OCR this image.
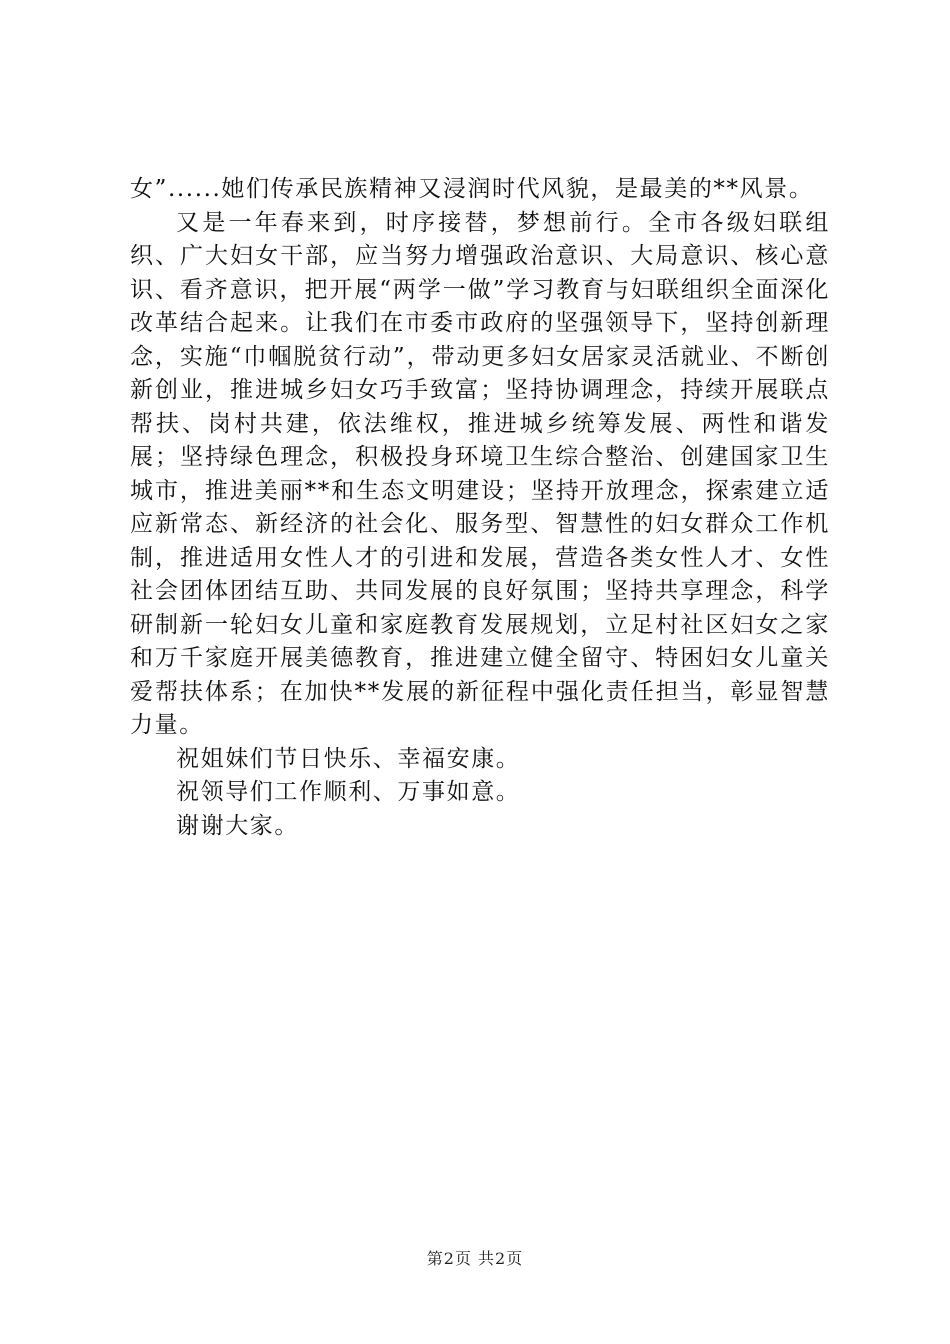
女”......她们传承民族精神又浸润时代风貌，是最美的**风景。

又是一年春来到，时序接替，梦想前行。全市各级妇联组织、广大妇女干部，应当努力增强政治意识、大局意识、核心意识、看齐意识，把开展“两学一做”学习教育与妇联组织全面深化改革结合起来。让我们在市委市政府的坚强领导下，坚持创新理念，实施“巾帼脱贫行动”，带动更多妇女居家灵活就业、不断创新创业，推进城乡妇女巧手致富；坚持协调理念，持续开展联点帮扶、岗村共建，依法维权，推进城乡统筹发展、两性和谐发展；坚持绿色理念，积极投身环境卫生综合整治、创建国家卫生城市，推进美丽**和生态文明建设；坚持开放理念，探索建立适应新常态、新经济的社会化、服务型、智慧性的妇女群众工作机制，推进适用女性人才的引进和发展，营造各类女性人才、女性社会团体团结互助、共同发展的良好氛围；坚持共享理念，科学研制新一轮妇女儿童和家庭教育发展规划，立足村社区妇女之家和万千家庭开展美德教育，推进建立健全留守、特困妇女儿童关爱帮扶体系；在加快**发展的新征程中强化责任担当，彰显智慧力量。

祝姐妹们节日快乐、幸福安康。

祝领导们工作顺利、万事如意。

谢谢大家。

第2页 共2页
